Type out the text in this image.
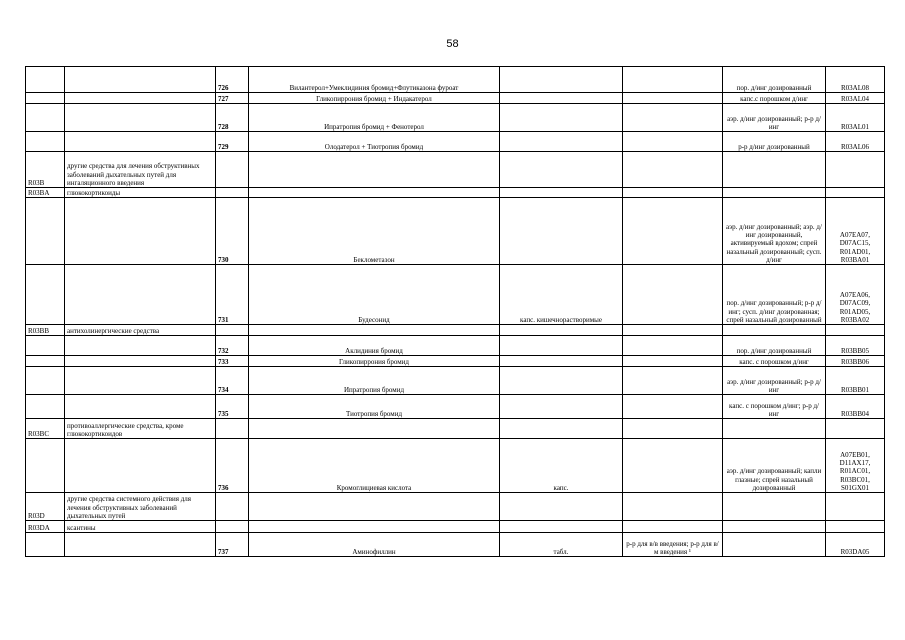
58
		726	Вилантерол+Умеклидиния бромид+Флутиказона фуроат			пор. д/инг дозированный	R03AL08
		727	Гликопиррония бромид + Индакатерол			капс.с порошком д/инг	R03AL04
		728	Ипратропия бромид + Фенотерол			аэр. д/инг дозированный; р-р д/инг	R03AL01
		729	Олодатерол + Тиотропия бромид			р-р д/инг дозированный	R03AL06
R03B	другие средства для лечения обструктивных заболеваний дыхательных путей для ингаляционного введения						
R03BA	глюкокортикоиды						
		730	Беклометазон			аэр. д/инг дозированный; аэр. д/инг дозированный, активируемый вдохом; спрей назальный дозированный; сусп. д/инг	A07EA07, D07AC15, R01AD01, R03BA01
		731	Будесонид	капс. кишечнорастворимые		пор. д/инг дозированный; р-р д/инг; сусп. д/инг дозированная; спрей назальный дозированный	A07EA06, D07AC09, R01AD05, R03BA02
R03BB	антихолинергические средства						
		732	Аклидиния бромид			пор. д/инг дозированный	R03BB05
		733	Гликопиррония бромид			капс. с порошком д/инг	R03BB06
		734	Ипратропия бромид			аэр. д/инг дозированный; р-р д/инг	R03BB01
		735	Тиотропия бромид			капс. с порошком д/инг; р-р д/инг	R03BB04
R03BC	противоаллергические средства, кроме глюкокортикоидов						
		736	Кромоглициевая кислота	капс.		аэр. д/инг дозированный; капли глазные; спрей назальный дозированный	A07EB01, D11AX17, R01AC01, R03BC01, S01GX01
R03D	другие средства системного действия для лечения обструктивных заболеваний дыхательных путей						
R03DA	ксантины						
		737	Аминофиллин	табл.	р-р для в/в введения; р-р для в/м введения ¹		R03DA05
